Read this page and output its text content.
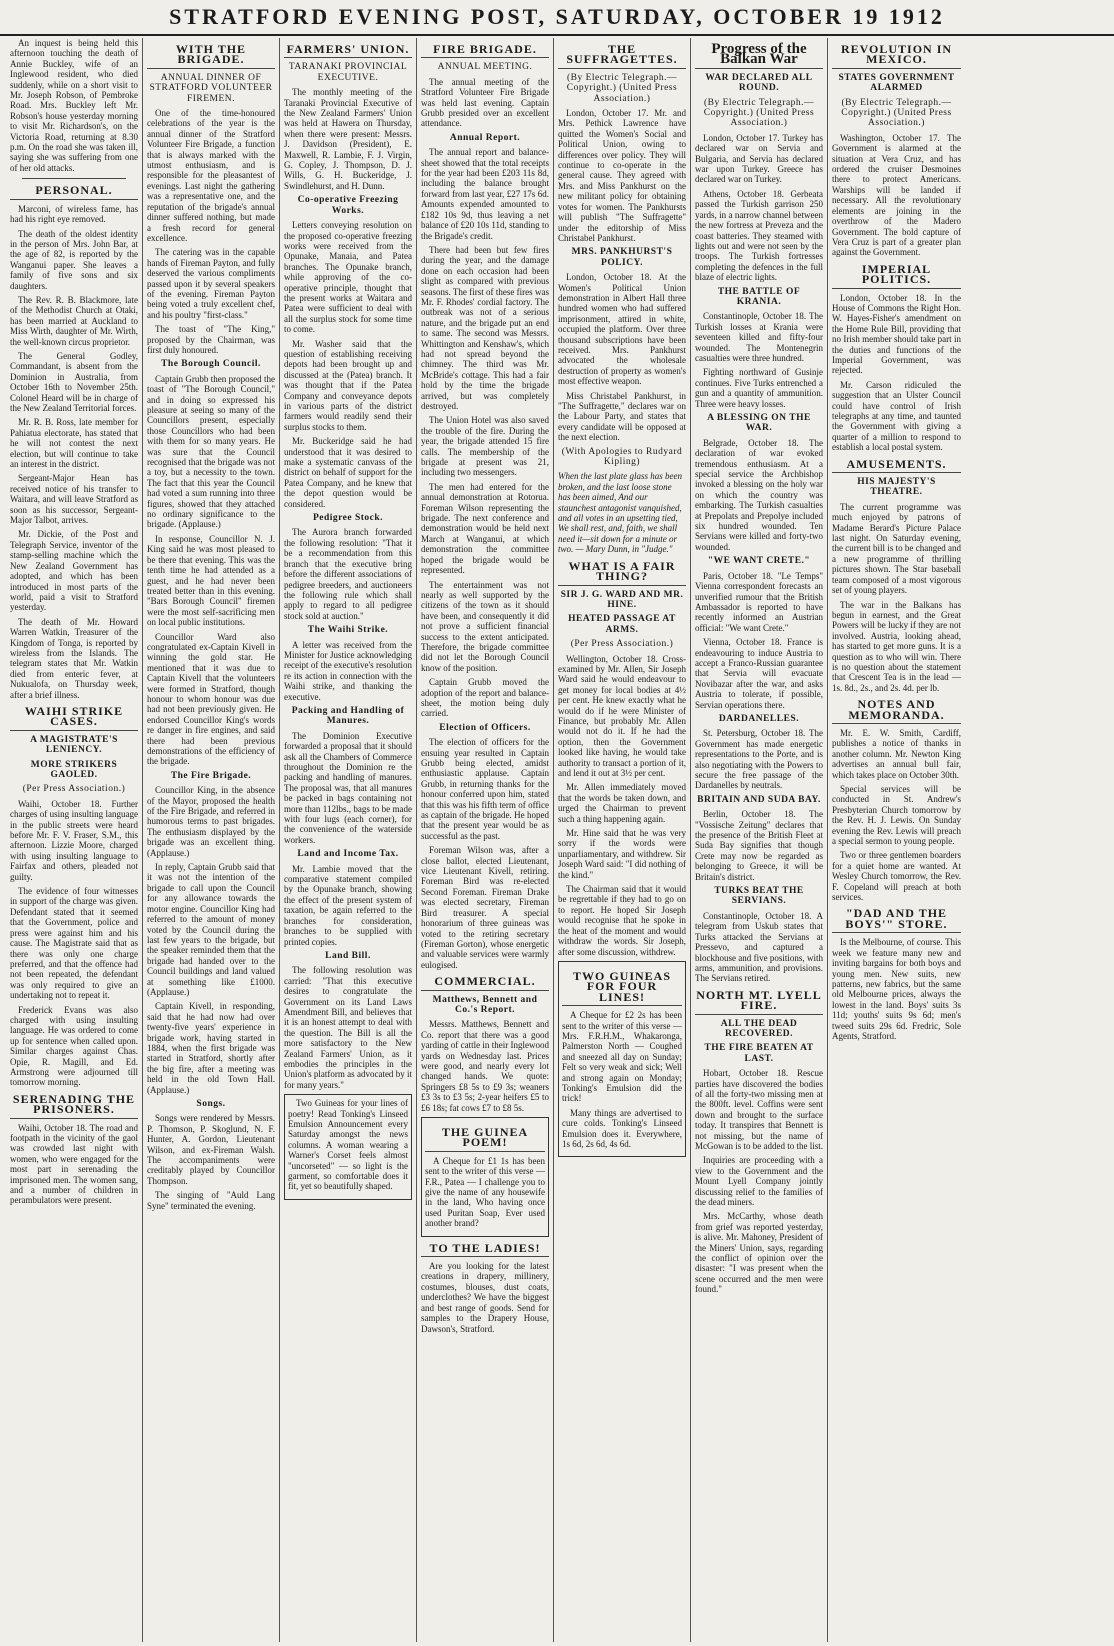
STRATFORD EVENING POST, SATURDAY, OCTOBER 19 1912

An inquest is being held this afternoon touching the death of Annie Buckley, wife of an Inglewood resident, who died suddenly, while on a short visit to Mr. Joseph Robson, of Pembroke Road. Mrs. Buckley left Mr. Robson's house yesterday morning to visit Mr. Richardson's, on the Victoria Road, returning at 8.30 p.m. On the road she was taken ill, saying she was suffering from one of her old attacks.

PERSONAL.

Marconi, of wireless fame, has had his right eye removed.

The death of the oldest identity in the person of Mrs. John Bar, at the age of 82, is reported by the Wanganui paper. She leaves a family of five sons and six daughters.

The Rev. R. B. Blackmore, late of the Methodist Church at Otaki, has been married at Auckland to Miss Wirth, daughter of Mr. Wirth, the well-known circus proprietor.

The General Godley, Commandant, is absent from the Dominion in Australia, from October 16th to November 25th. Colonel Heard will be in charge of the New Zealand Territorial forces.

Mr. R. B. Ross, late member for Pahiatua electorate, has stated that he will not contest the next election, but will continue to take an interest in the district.

Sergeant-Major Hean has received notice of his transfer to Waitara, and will leave Stratford as soon as his successor, Sergeant-Major Talbot, arrives.

Mr. Dickie, of the Post and Telegraph Service, inventor of the stamp-selling machine which the New Zealand Government has adopted, and which has been introduced in most parts of the world, paid a visit to Stratford yesterday.

The death of Mr. Howard Warren Watkin, Treasurer of the Kingdom of Tonga, is reported by wireless from the Islands. The telegram states that Mr. Watkin died from enteric fever, at Nukualofa, on Thursday week, after a brief illness.

WAIHI STRIKE CASES.
A MAGISTRATE'S LENIENCY.
MORE STRIKERS GAOLED.
(Per Press Association.)

Waihi, October 18. Further charges of using insulting language in the public streets were heard before Mr. F. V. Fraser, S.M., this afternoon. Lizzie Moore, charged with using insulting language to Fairfax and others, pleaded not guilty.

The evidence of four witnesses in support of the charge was given. Defendant stated that it seemed that the Government, police and press were against him and his cause. The Magistrate said that as there was only one charge preferred, and that the offence had not been repeated, the defendant was only required to give an undertaking not to repeat it.

Frederick Evans was also charged with using insulting language. He was ordered to come up for sentence when called upon. Similar charges against Chas. Opie, R. Magill, and Ed. Armstrong were adjourned till tomorrow morning.

SERENADING THE PRISONERS.

Waihi, October 18. The road and footpath in the vicinity of the gaol was crowded last night with women, who were engaged for the most part in serenading the imprisoned men. The women sang, and a number of children in perambulators were present.

WITH THE BRIGADE.
ANNUAL DINNER OF STRATFORD VOLUNTEER FIREMEN.

One of the time-honoured celebrations of the year is the annual dinner of the Stratford Volunteer Fire Brigade, a function that is always marked with the utmost enthusiasm, and is responsible for the pleasantest of evenings. Last night the gathering was a representative one, and the reputation of the brigade's annual dinner suffered nothing, but made a fresh record for general excellence.

The catering was in the capable hands of Fireman Payton, and fully deserved the various compliments passed upon it by several speakers of the evening. Fireman Payton being voted a truly excellent chef, and his poultry "first-class."

The toast of "The King," proposed by the Chairman, was first duly honoured.

The Borough Council.

Captain Grubb then proposed the toast of "The Borough Council," and in doing so expressed his pleasure at seeing so many of the Councillors present, especially those Councillors who had been with them for so many years. He was sure that the Council recognised that the brigade was not a toy, but a necessity to the town. The fact that this year the Council had voted a sum running into three figures, showed that they attached no ordinary significance to the brigade. (Applause.)

In response, Councillor N. J. King said he was most pleased to be there that evening. This was the tenth time he had attended as a guest, and he had never been treated better than in this evening. "Bars Borough Council" firemen were the most self-sacrificing men on local public institutions.

Councillor Ward also congratulated ex-Captain Kivell in winning the gold star. He mentioned that it was due to Captain Kivell that the volunteers were formed in Stratford, though honour to whom honour was due had not been previously given. He endorsed Councillor King's words re danger in fire engines, and said there had been previous demonstrations of the efficiency of the brigade.

The Fire Brigade.

Councillor King, in the absence of the Mayor, proposed the health of the Fire Brigade, and referred in humorous terms to past brigades. The enthusiasm displayed by the brigade was an excellent thing. (Applause.)

In reply, Captain Grubb said that it was not the intention of the brigade to call upon the Council for any allowance towards the motor engine. Councillor King had referred to the amount of money voted by the Council during the last few years to the brigade, but the speaker reminded them that the brigade had handed over to the Council buildings and land valued at something like £1000. (Applause.)

Captain Kivell, in responding, said that he had now had over twenty-five years' experience in brigade work, having started in 1884, when the first brigade was started in Stratford, shortly after the big fire, after a meeting was held in the old Town Hall. (Applause.)

Songs.

Songs were rendered by Messrs. P. Thomson, P. Skoglund, N. F. Hunter, A. Gordon, Lieutenant Wilson, and ex-Fireman Walsh. The accompaniments were creditably played by Councillor Thompson.

The singing of "Auld Lang Syne" terminated the evening.

FARMERS' UNION.
TARANAKI PROVINCIAL EXECUTIVE.

The monthly meeting of the Taranaki Provincial Executive of the New Zealand Farmers' Union was held at Hawera on Thursday, when there were present: Messrs. J. Davidson (President), E. Maxwell, R. Lambie, F. J. Virgin, G. Copley, J. Thompson, D. J. Wills, G. H. Buckeridge, J. Swindlehurst, and H. Dunn.

Co-operative Freezing Works.

Letters conveying resolution on the proposed co-operative freezing works were received from the Opunake, Manaia, and Patea branches. The Opunake branch, while approving of the co-operative principle, thought that the present works at Waitara and Patea were sufficient to deal with all the surplus stock for some time to come.

Mr. Washer said that the question of establishing receiving depots had been brought up and discussed at the (Patea) branch. It was thought that if the Patea Company and conveyance depots in various parts of the district farmers would readily send their surplus stocks to them.

Mr. Buckeridge said he had understood that it was desired to make a systematic canvass of the district on behalf of support for the Patea Company, and he knew that the depot question would be considered.

Pedigree Stock.

The Aurora branch forwarded the following resolution: "That it be a recommendation from this branch that the executive bring before the different associations of pedigree breeders, and auctioneers the following rule which shall apply to regard to all pedigree stock sold at auction."

The Waihi Strike.

A letter was received from the Minister for Justice acknowledging receipt of the executive's resolution re its action in connection with the Waihi strike, and thanking the executive.

Packing and Handling of Manures.

The Dominion Executive forwarded a proposal that it should ask all the Chambers of Commerce throughout the Dominion re the packing and handling of manures. The proposal was, that all manures be packed in bags containing not more than 112lbs., bags to be made with four lugs (each corner), for the convenience of the waterside workers.

Land and Income Tax.

Mr. Lambie moved that the comparative statement compiled by the Opunake branch, showing the effect of the present system of taxation, be again referred to the branches for consideration, branches to be supplied with printed copies.

Land Bill.

The following resolution was carried: "That this executive desires to congratulate the Government on its Land Laws Amendment Bill, and believes that it is an honest attempt to deal with the question. The Bill is all the more satisfactory to the New Zealand Farmers' Union, as it embodies the principles in the Union's platform as advocated by it for many years."

Two Guineas for your lines of poetry! Read Tonking's Linseed Emulsion Announcement every Saturday amongst the news columns. A woman wearing a Warner's Corset feels almost "uncorseted" — so light is the garment, so comfortable does it fit, yet so beautifully shaped.

FIRE BRIGADE.
ANNUAL MEETING.

The annual meeting of the Stratford Volunteer Fire Brigade was held last evening. Captain Grubb presided over an excellent attendance.

Annual Report.

The annual report and balance-sheet showed that the total receipts for the year had been £203 11s 8d, including the balance brought forward from last year, £27 17s 6d. Amounts expended amounted to £182 10s 9d, thus leaving a net balance of £20 10s 11d, standing to the Brigade's credit.

There had been but few fires during the year, and the damage done on each occasion had been slight as compared with previous seasons. The first of these fires was Mr. F. Rhodes' cordial factory. The outbreak was not of a serious nature, and the brigade put an end to same. The second was Messrs. Whittington and Kenshaw's, which had not spread beyond the chimney. The third was Mr. McBride's cottage. This had a fair hold by the time the brigade arrived, but was completely destroyed.

The Union Hotel was also saved the trouble of the fire. During the year, the brigade attended 15 fire calls. The membership of the brigade at present was 21, including two messengers.

The men had entered for the annual demonstration at Rotorua. Foreman Wilson representing the brigade. The next conference and demonstration would be held next March at Wanganui, at which demonstration the committee hoped the brigade would be represented.

The entertainment was not nearly as well supported by the citizens of the town as it should have been, and consequently it did not prove a sufficient financial success to the extent anticipated. Therefore, the brigade committee did not let the Borough Council know of the position.

Captain Grubb moved the adoption of the report and balance-sheet, the motion being duly carried.

Election of Officers.

The election of officers for the ensuing year resulted in Captain Grubb being elected, amidst enthusiastic applause. Captain Grubb, in returning thanks for the honour conferred upon him, stated that this was his fifth term of office as captain of the brigade. He hoped that the present year would be as successful as the past.

Foreman Wilson was, after a close ballot, elected Lieutenant, vice Lieutenant Kivell, retiring. Foreman Bird was re-elected Second Foreman. Fireman Drake was elected secretary, Fireman Bird treasurer. A special honorarium of three guineas was voted to the retiring secretary (Fireman Gorton), whose energetic and valuable services were warmly eulogised.

COMMERCIAL.
Matthews, Bennett and Co.'s Report.

Messrs. Matthews, Bennett and Co. report that there was a good yarding of cattle in their Inglewood yards on Wednesday last. Prices were good, and nearly every lot changed hands. We quote: Springers £8 5s to £9 3s; weaners £3 3s to £3 5s; 2-year heifers £5 to £6 18s; fat cows £7 to £8 5s.

THE GUINEA POEM!

A Cheque for £1 1s has been sent to the writer of this verse — F.R., Patea — I challenge you to give the name of any housewife in the land, Who having once used Puritan Soap, Ever used another brand?

TO THE LADIES!

Are you looking for the latest creations in drapery, millinery, costumes, blouses, dust coats, underclothes? We have the biggest and best range of goods. Send for samples to the Drapery House, Dawson's, Stratford.

THE SUFFRAGETTES.
(By Electric Telegraph.—Copyright.) (United Press Association.)

London, October 17. Mr. and Mrs. Pethick Lawrence have quitted the Women's Social and Political Union, owing to differences over policy. They will continue to co-operate in the general cause. They agreed with Mrs. and Miss Pankhurst on the new militant policy for obtaining votes for women. The Pankhursts will publish "The Suffragette" under the editorship of Miss Christabel Pankhurst.

MRS. PANKHURST'S POLICY.

London, October 18. At the Women's Political Union demonstration in Albert Hall three hundred women who had suffered imprisonment, attired in white, occupied the platform. Over three thousand subscriptions have been received. Mrs. Pankhurst advocated the wholesale destruction of property as women's most effective weapon.

Miss Christabel Pankhurst, in "The Suffragette," declares war on the Labour Party, and states that every candidate will be opposed at the next election.

(With Apologies to Rudyard Kipling)

When the last plate glass has been broken, and the last loose stone has been aimed, And our staunchest antagonist vanquished, and all votes in an upsetting tied, We shall rest, and, faith, we shall need it—sit down for a minute or two. — Mary Dunn, in "Judge."

WHAT IS A FAIR THING?
SIR J. G. WARD AND MR. HINE.
HEATED PASSAGE AT ARMS.
(Per Press Association.)

Wellington, October 18. Cross-examined by Mr. Allen, Sir Joseph Ward said he would endeavour to get money for local bodies at 4½ per cent. He knew exactly what he would do if he were Minister of Finance, but probably Mr. Allen would not do it. If he had the option, then the Government looked like having, he would take authority to transact a portion of it, and lend it out at 3½ per cent.

Mr. Allen immediately moved that the words be taken down, and urged the Chairman to prevent such a thing happening again.

Mr. Hine said that he was very sorry if the words were unparliamentary, and withdrew. Sir Joseph Ward said: "I did nothing of the kind."

The Chairman said that it would be regrettable if they had to go on to report. He hoped Sir Joseph would recognise that he spoke in the heat of the moment and would withdraw the words. Sir Joseph, after some discussion, withdrew.

TWO GUINEAS FOR FOUR LINES!

A Cheque for £2 2s has been sent to the writer of this verse — Mrs. F.R.H.M., Whakaronga, Palmerston North — Coughed and sneezed all day on Sunday; Felt so very weak and sick; Well and strong again on Monday; Tonking's Emulsion did the trick!

Many things are advertised to cure colds. Tonking's Linseed Emulsion does it. Everywhere, 1s 6d, 2s 6d, 4s 6d.

Progress of the Balkan War
WAR DECLARED ALL ROUND.
(By Electric Telegraph.—Copyright.) (United Press Association.)

London, October 17. Turkey has declared war on Servia and Bulgaria, and Servia has declared war upon Turkey. Greece has declared war on Turkey.

Athens, October 18. Gerbeata passed the Turkish garrison 250 yards, in a narrow channel between the new fortress at Preveza and the coast batteries. They steamed with lights out and were not seen by the troops. The Turkish fortresses completing the defences in the full blaze of electric lights.

THE BATTLE OF KRANIA.

Constantinople, October 18. The Turkish losses at Krania were seventeen killed and fifty-four wounded. The Montenegrin casualties were three hundred.

Fighting northward of Gusinje continues. Five Turks entrenched a gun and a quantity of ammunition. Three were heavy losses.

A BLESSING ON THE WAR.

Belgrade, October 18. The declaration of war evoked tremendous enthusiasm. At a special service the Archbishop invoked a blessing on the holy war on which the country was embarking. The Turkish casualties at Prepolats and Prepolye included six hundred wounded. Ten Servians were killed and forty-two wounded.

"WE WANT CRETE."

Paris, October 18. "Le Temps" Vienna correspondent forecasts an unverified rumour that the British Ambassador is reported to have recently informed an Austrian official: "We want Crete."

Vienna, October 18. France is endeavouring to induce Austria to accept a Franco-Russian guarantee that Servia will evacuate Novibazar after the war, and asks Austria to tolerate, if possible, Servian operations there.

DARDANELLES.

St. Petersburg, October 18. The Government has made energetic representations to the Porte, and is also negotiating with the Powers to secure the free passage of the Dardanelles by neutrals.

BRITAIN AND SUDA BAY.

Berlin, October 18. The "Vossische Zeitung" declares that the presence of the British Fleet at Suda Bay signifies that though Crete may now be regarded as belonging to Greece, it will be Britain's district.

TURKS BEAT THE SERVIANS.

Constantinople, October 18. A telegram from Uskub states that Turks attacked the Servians at Pressevo, and captured a blockhouse and five positions, with arms, ammunition, and provisions. The Servians retired.

NORTH MT. LYELL FIRE.
ALL THE DEAD RECOVERED.
THE FIRE BEATEN AT LAST.

Hobart, October 18. Rescue parties have discovered the bodies of all the forty-two missing men at the 800ft. level. Coffins were sent down and brought to the surface today. It transpires that Bennett is not missing, but the name of McGowan is to be added to the list.

Inquiries are proceeding with a view to the Government and the Mount Lyell Company jointly discussing relief to the families of the dead miners.

Mrs. McCarthy, whose death from grief was reported yesterday, is alive. Mr. Mahoney, President of the Miners' Union, says, regarding the conflict of opinion over the disaster: "I was present when the scene occurred and the men were found."

REVOLUTION IN MEXICO.
STATES GOVERNMENT ALARMED
(By Electric Telegraph.—Copyright.) (United Press Association.)

Washington, October 17. The Government is alarmed at the situation at Vera Cruz, and has ordered the cruiser Desmoines there to protect Americans. Warships will be landed if necessary. All the revolutionary elements are joining in the overthrow of the Madero Government. The bold capture of Vera Cruz is part of a greater plan against the Government.

IMPERIAL POLITICS.

London, October 18. In the House of Commons the Right Hon. W. Hayes-Fisher's amendment on the Home Rule Bill, providing that no Irish member should take part in the duties and functions of the Imperial Government, was rejected.

Mr. Carson ridiculed the suggestion that an Ulster Council could have control of Irish telegraphs at any time, and taunted the Government with giving a quarter of a million to respond to establish a local postal system.

AMUSEMENTS.
HIS MAJESTY'S THEATRE.

The current programme was much enjoyed by patrons of Madame Berard's Picture Palace last night. On Saturday evening, the current bill is to be changed and a new programme of thrilling pictures shown. The Star baseball team composed of a most vigorous set of young players.

The war in the Balkans has begun in earnest, and the Great Powers will be lucky if they are not involved. Austria, looking ahead, has started to get more guns. It is a question as to who will win. There is no question about the statement that Crescent Tea is in the lead — 1s. 8d., 2s., and 2s. 4d. per lb.

NOTES AND MEMORANDA.

Mr. E. W. Smith, Cardiff, publishes a notice of thanks in another column. Mr. Newton King advertises an annual bull fair, which takes place on October 30th.

Special services will be conducted in St. Andrew's Presbyterian Church tomorrow by the Rev. H. J. Lewis. On Sunday evening the Rev. Lewis will preach a special sermon to young people.

Two or three gentlemen boarders for a quiet home are wanted. At Wesley Church tomorrow, the Rev. F. Copeland will preach at both services.

"DAD AND THE BOYS'" STORE.

Is the Melbourne, of course. This week we feature many new and inviting bargains for both boys and young men. New suits, new patterns, new fabrics, but the same old Melbourne prices, always the lowest in the land. Boys' suits 3s 11d; youths' suits 9s 6d; men's tweed suits 29s 6d. Fredric, Sole Agents, Stratford.
